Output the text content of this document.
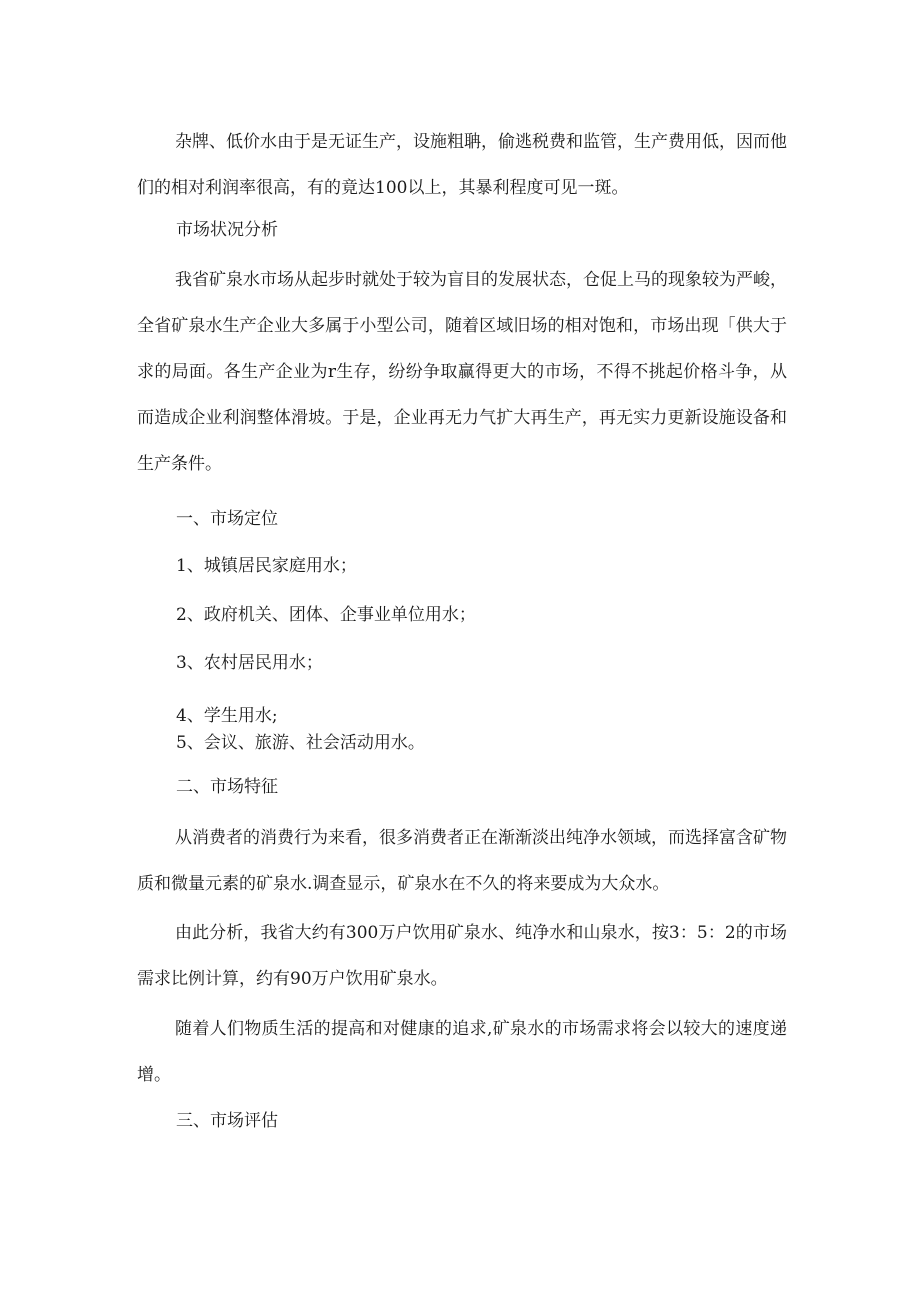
杂牌、低价水由于是无证生产，设施粗聃，偷逃税费和监管，生产费用低，因而他们的相对利润率很高，有的竟达100以上，其暴利程度可见一斑。

市场状况分析

我省矿泉水市场从起步时就处于较为盲目的发展状态，仓促上马的现象较为严峻，全省矿泉水生产企业大多属于小型公司，随着区域旧场的相对饱和，市场出现「供大于求的局面。各生产企业为r生存，纷纷争取赢得更大的市场，不得不挑起价格斗争，从而造成企业利润整体滑坡。于是，企业再无力气扩大再生产，再无实力更新设施设备和生产条件。

一、市场定位

1、城镇居民家庭用水；

2、政府机关、团体、企事业单位用水；

3、农村居民用水；

4、学生用水;

5、会议、旅游、社会活动用水。

二、市场特征

从消费者的消费行为来看，很多消费者正在渐渐淡出纯净水领域，而选择富含矿物质和微量元素的矿泉水.调查显示，矿泉水在不久的将来要成为大众水。

由此分析，我省大约有300万户饮用矿泉水、纯净水和山泉水，按3：5：2的市场需求比例计算，约有90万户饮用矿泉水。

随着人们物质生活的提高和对健康的追求,矿泉水的市场需求将会以较大的速度递增。

三、市场评估
